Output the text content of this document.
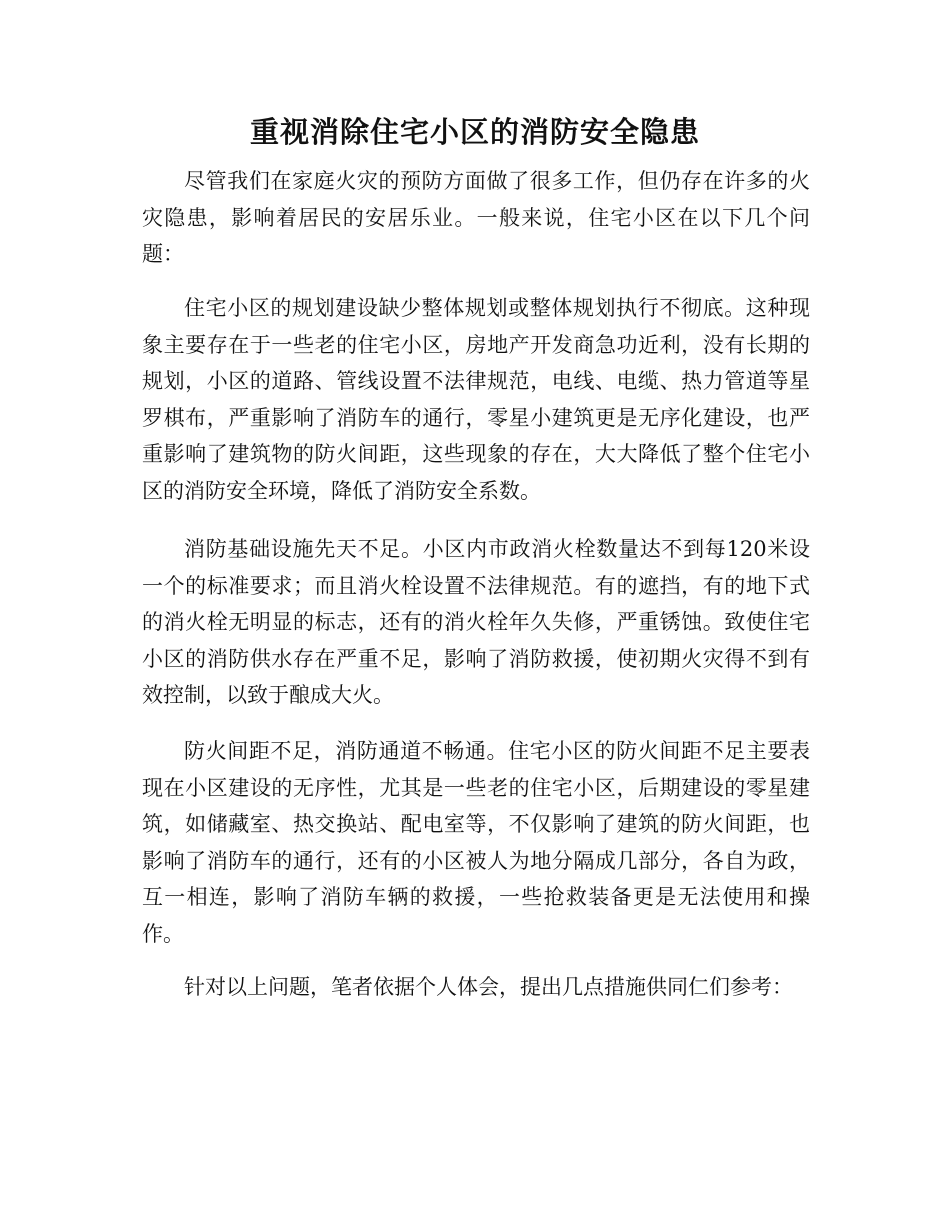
重视消除住宅小区的消防安全隐患

尽管我们在家庭火灾的预防方面做了很多工作，但仍存在许多的火灾隐患，影响着居民的安居乐业。一般来说，住宅小区在以下几个问题：

住宅小区的规划建设缺少整体规划或整体规划执行不彻底。这种现象主要存在于一些老的住宅小区，房地产开发商急功近利，没有长期的规划，小区的道路、管线设置不法律规范，电线、电缆、热力管道等星罗棋布，严重影响了消防车的通行，零星小建筑更是无序化建设，也严重影响了建筑物的防火间距，这些现象的存在，大大降低了整个住宅小区的消防安全环境，降低了消防安全系数。

消防基础设施先天不足。小区内市政消火栓数量达不到每120米设一个的标准要求；而且消火栓设置不法律规范。有的遮挡，有的地下式的消火栓无明显的标志，还有的消火栓年久失修，严重锈蚀。致使住宅小区的消防供水存在严重不足，影响了消防救援，使初期火灾得不到有效控制，以致于酿成大火。

防火间距不足，消防通道不畅通。住宅小区的防火间距不足主要表现在小区建设的无序性，尤其是一些老的住宅小区，后期建设的零星建筑，如储藏室、热交换站、配电室等，不仅影响了建筑的防火间距，也影响了消防车的通行，还有的小区被人为地分隔成几部分，各自为政，互一相连，影响了消防车辆的救援，一些抢救装备更是无法使用和操作。

针对以上问题，笔者依据个人体会，提出几点措施供同仁们参考：
